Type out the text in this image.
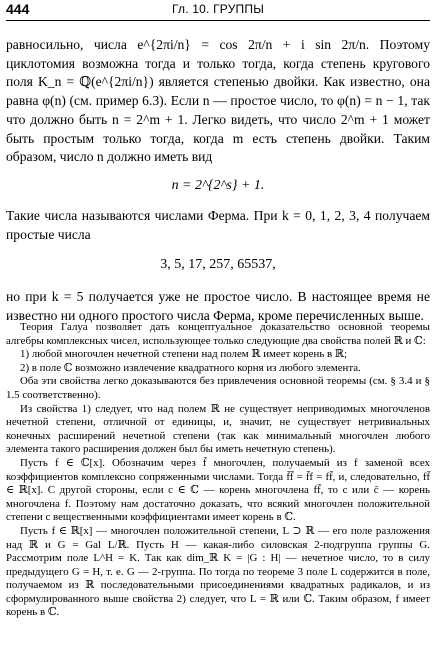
444	Гл. 10. ГРУППЫ

равносильно, числа e^{2πi/n} = cos 2π/n + i sin 2π/n. Поэтому циклотомия возможна тогда и только тогда, когда степень кругового поля K_n = ℚ(e^{2πi/n}) является степенью двойки. Как известно, она равна φ(n) (см. пример 6.3). Если n — простое число, то φ(n) = n − 1, так что должно быть n = 2^m + 1. Легко видеть, что число 2^m + 1 может быть простым только тогда, когда m есть степень двойки. Таким образом, число n должно иметь вид

n = 2^{2^s} + 1.

Такие числа называются числами Ферма. При k = 0, 1, 2, 3, 4 получаем простые числа

3, 5, 17, 257, 65537,

но при k = 5 получается уже не простое число. В настоящее время не известно ни одного простого числа Ферма, кроме перечисленных выше.

Теория Галуа позволяет дать концептуальное доказательство основной теоремы алгебры комплексных чисел, использующее только следующие два свойства полей ℝ и ℂ:

1) любой многочлен нечетной степени над полем ℝ имеет корень в ℝ;

2) в поле ℂ возможно извлечение квадратного корня из любого элемента.

Оба эти свойства легко доказываются без привлечения основной теоремы (см. § 3.4 и § 1.5 соответственно).

Из свойства 1) следует, что над полем ℝ не существует неприводимых многочленов нечетной степени, отличной от единицы, и, значит, не существует нетривиальных конечных расширений нечетной степени (так как минимальный многочлен любого элемента такого расширения должен был бы иметь нечетную степень).

Пусть f ∈ ℂ[x]. Обозначим через f̄ многочлен, получаемый из f заменой всех коэффициентов комплексно сопряженными числами. Тогда f̄f̄ = f̄f = ff̄, и, следовательно, ff̄ ∈ ℝ[x]. С другой стороны, если c ∈ ℂ — корень многочлена ff̄, то c или c̄ — корень многочлена f. Поэтому нам достаточно доказать, что всякий многочлен положительной степени с вещественными коэффициентами имеет корень в ℂ.

Пусть f ∈ ℝ[x] — многочлен положительной степени, L ⊃ ℝ — его поле разложения над ℝ и G = Gal L/ℝ. Пусть H — какая-либо силовская 2-подгруппа группы G. Рассмотрим поле L^H = K. Так как dim_ℝ K = |G : H| — нечетное число, то в силу предыдущего G = H, т. е. G — 2-группа. По тогда по теореме 3 поле L содержится в поле, получаемом из ℝ последовательными присоединениями квадратных радикалов, и из сформулированного выше свойства 2) следует, что L = ℝ или ℂ. Таким образом, f имеет корень в ℂ.
